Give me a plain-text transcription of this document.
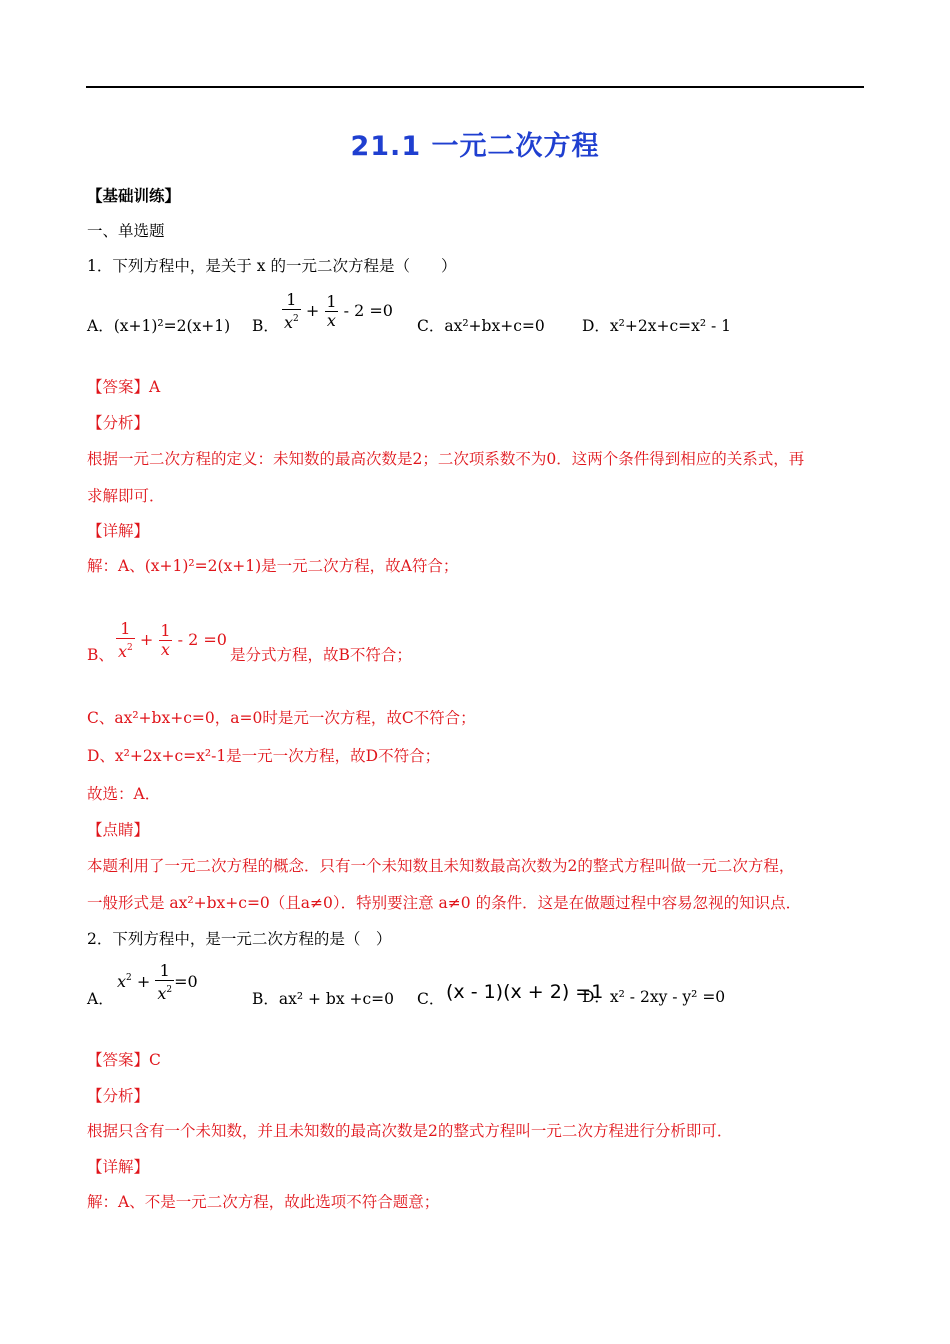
21.1 一元二次方程
【基础训练】
一、单选题
1．下列方程中，是关于 x 的一元二次方程是（　　）
A．(x+1)²=2(x+1) B． $\frac{1}{x^2} + \frac{1}{x} - 2 =0$
C．ax²+bx+c=0 D．x²+2x+c=x² - 1
【答案】A
【分析】
根据一元二次方程的定义：未知数的最高次数是2；二次项系数不为0．这两个条件得到相应的关系式，再
求解即可．
【详解】
解：A、(x+1)²=2(x+1)是一元二次方程，故A符合；
B、 $\frac{1}{x^2} + \frac{1}{x} - 2 =0$
是分式方程，故B不符合；
C、ax²+bx+c=0，a=0时是元一次方程，故C不符合；
D、x²+2x+c=x²-1是一元一次方程，故D不符合；
故选：A．
【点睛】
本题利用了一元二次方程的概念．只有一个未知数且未知数最高次数为2的整式方程叫做一元二次方程，
一般形式是 ax²+bx+c=0（且a≠0）．特别要注意 a≠0 的条件．这是在做题过程中容易忽视的知识点．
2．下列方程中，是一元二次方程的是（　）
A．
$x^2 + \frac{1}{x^2} =0$
B．ax² + bx +c=0 C． (x - 1)(x + 2) =1
D．x² - 2xy - y² =0
【答案】C
【分析】
根据只含有一个未知数，并且未知数的最高次数是2的整式方程叫一元二次方程进行分析即可．
【详解】
解：A、不是一元二次方程，故此选项不符合题意；
